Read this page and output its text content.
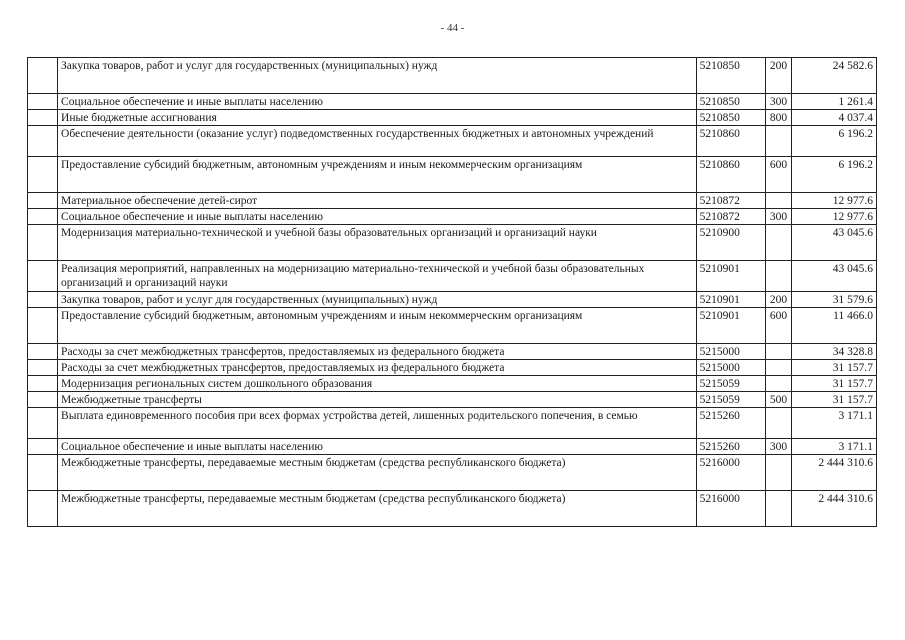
- 44 -
	Закупка товаров, работ и услуг для государственных (муниципальных) нужд	5210850	200	24 582.6
	Социальное обеспечение и иные выплаты населению	5210850	300	1 261.4
	Иные бюджетные ассигнования	5210850	800	4 037.4
	Обеспечение деятельности (оказание услуг) подведомственных государственных бюджетных и автономных учреждений	5210860		6 196.2
	Предоставление субсидий бюджетным, автономным учреждениям и иным некоммерческим организациям	5210860	600	6 196.2
	Материальное обеспечение детей-сирот	5210872		12 977.6
	Социальное обеспечение и иные выплаты населению	5210872	300	12 977.6
	Модернизация материально-технической и учебной базы образовательных организаций и организаций науки	5210900		43 045.6
	Реализация мероприятий, направленных на модернизацию материально-технической и учебной базы образовательных организаций и организаций науки	5210901		43 045.6
	Закупка товаров, работ и услуг для государственных (муниципальных) нужд	5210901	200	31 579.6
	Предоставление субсидий бюджетным, автономным учреждениям и иным некоммерческим организациям	5210901	600	11 466.0
	Расходы за счет межбюджетных трансфертов, предоставляемых из федерального бюджета	5215000		34 328.8
	Расходы за счет межбюджетных трансфертов, предоставляемых из федерального бюджета	5215000		31 157.7
	Модернизация региональных систем дошкольного образования	5215059		31 157.7
	Межбюджетные трансферты	5215059	500	31 157.7
	Выплата единовременного пособия при всех формах устройства детей, лишенных родительского попечения, в семью	5215260		3 171.1
	Социальное обеспечение и иные выплаты населению	5215260	300	3 171.1
	Межбюджетные трансферты, передаваемые местным бюджетам (средства республиканского бюджета)	5216000		2 444 310.6
	Межбюджетные трансферты, передаваемые местным бюджетам (средства республиканского бюджета)	5216000		2 444 310.6
